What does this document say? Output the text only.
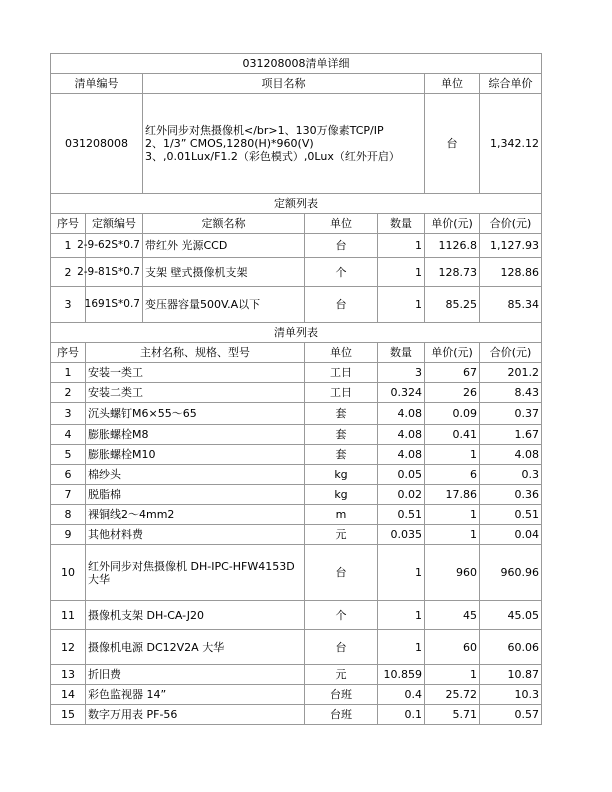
031208008清单详细						
清单编号		项目名称			单位	综合单价
031208008		红外同步对焦摄像机</br>1、130万像素TCP/IP
2、1/3” CMOS,1280(H)*960(V)
3、,0.01Lux/F1.2（彩色模式）,0Lux（红外开启）			台	1,342.12
定额列表						
序号	定额编号	定额名称	单位	数量	单价(元)	合价(元)
1	2-9-62S*0.7	带红外 光源CCD	台	1	1126.8	1,127.93
2	2-9-81S*0.7	支架 壁式摄像机支架	个	1	128.73	128.86
3	1691S*0.7	变压器容量500V.A以下	台	1	85.25	85.34
清单列表						
序号	主材名称、规格、型号		单位	数量	单价(元)	合价(元)
1	安装一类工		工日	3	67	201.2
2	安装二类工		工日	0.324	26	8.43
3	沉头螺钉M6×55～65		套	4.08	0.09	0.37
4	膨胀螺栓M8		套	4.08	0.41	1.67
5	膨胀螺栓M10		套	4.08	1	4.08
6	棉纱头		kg	0.05	6	0.3
7	脱脂棉		kg	0.02	17.86	0.36
8	裸铜线2～4mm2		m	0.51	1	0.51
9	其他材料费		元	0.035	1	0.04
10	红外同步对焦摄像机 DH-IPC-HFW4153D 大华		台	1	960	960.96
11	摄像机支架 DH-CA-J20		个	1	45	45.05
12	摄像机电源 DC12V2A 大华		台	1	60	60.06
13	折旧费		元	10.859	1	10.87
14	彩色监视器 14”		台班	0.4	25.72	10.3
15	数字万用表 PF-56		台班	0.1	5.71	0.57
